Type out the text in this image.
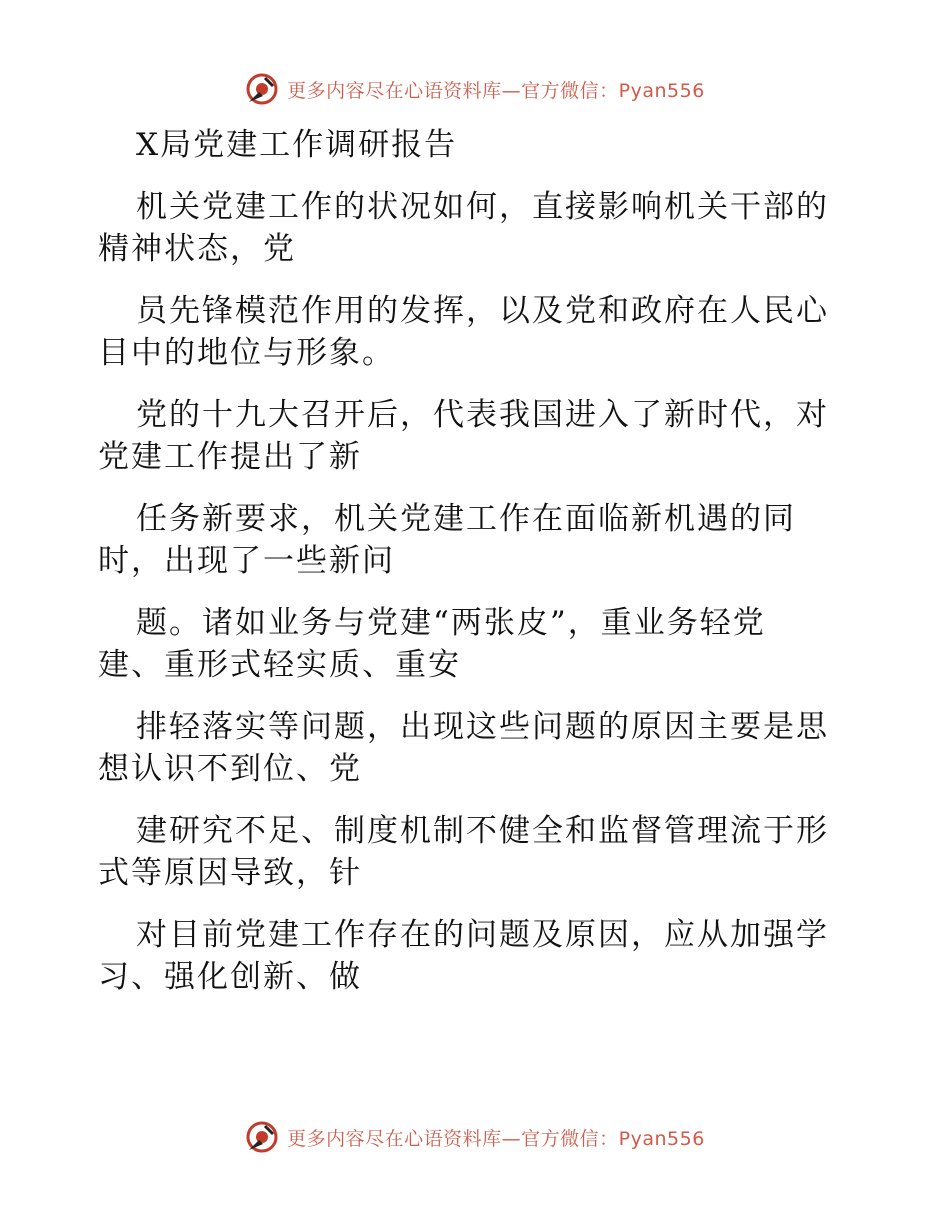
更多内容尽在心语资料库—官方微信：Pyan556
X局党建工作调研报告
机关党建工作的状况如何，直接影响机关干部的
精神状态，党
员先锋模范作用的发挥，以及党和政府在人民心
目中的地位与形象。
党的十九大召开后，代表我国进入了新时代，对
党建工作提出了新
任务新要求，机关党建工作在面临新机遇的同
时，出现了一些新问
题。诸如业务与党建“两张皮”，重业务轻党
建、重形式轻实质、重安
排轻落实等问题，出现这些问题的原因主要是思
想认识不到位、党
建研究不足、制度机制不健全和监督管理流于形
式等原因导致，针
对目前党建工作存在的问题及原因，应从加强学
习、强化创新、做
更多内容尽在心语资料库—官方微信：Pyan556
